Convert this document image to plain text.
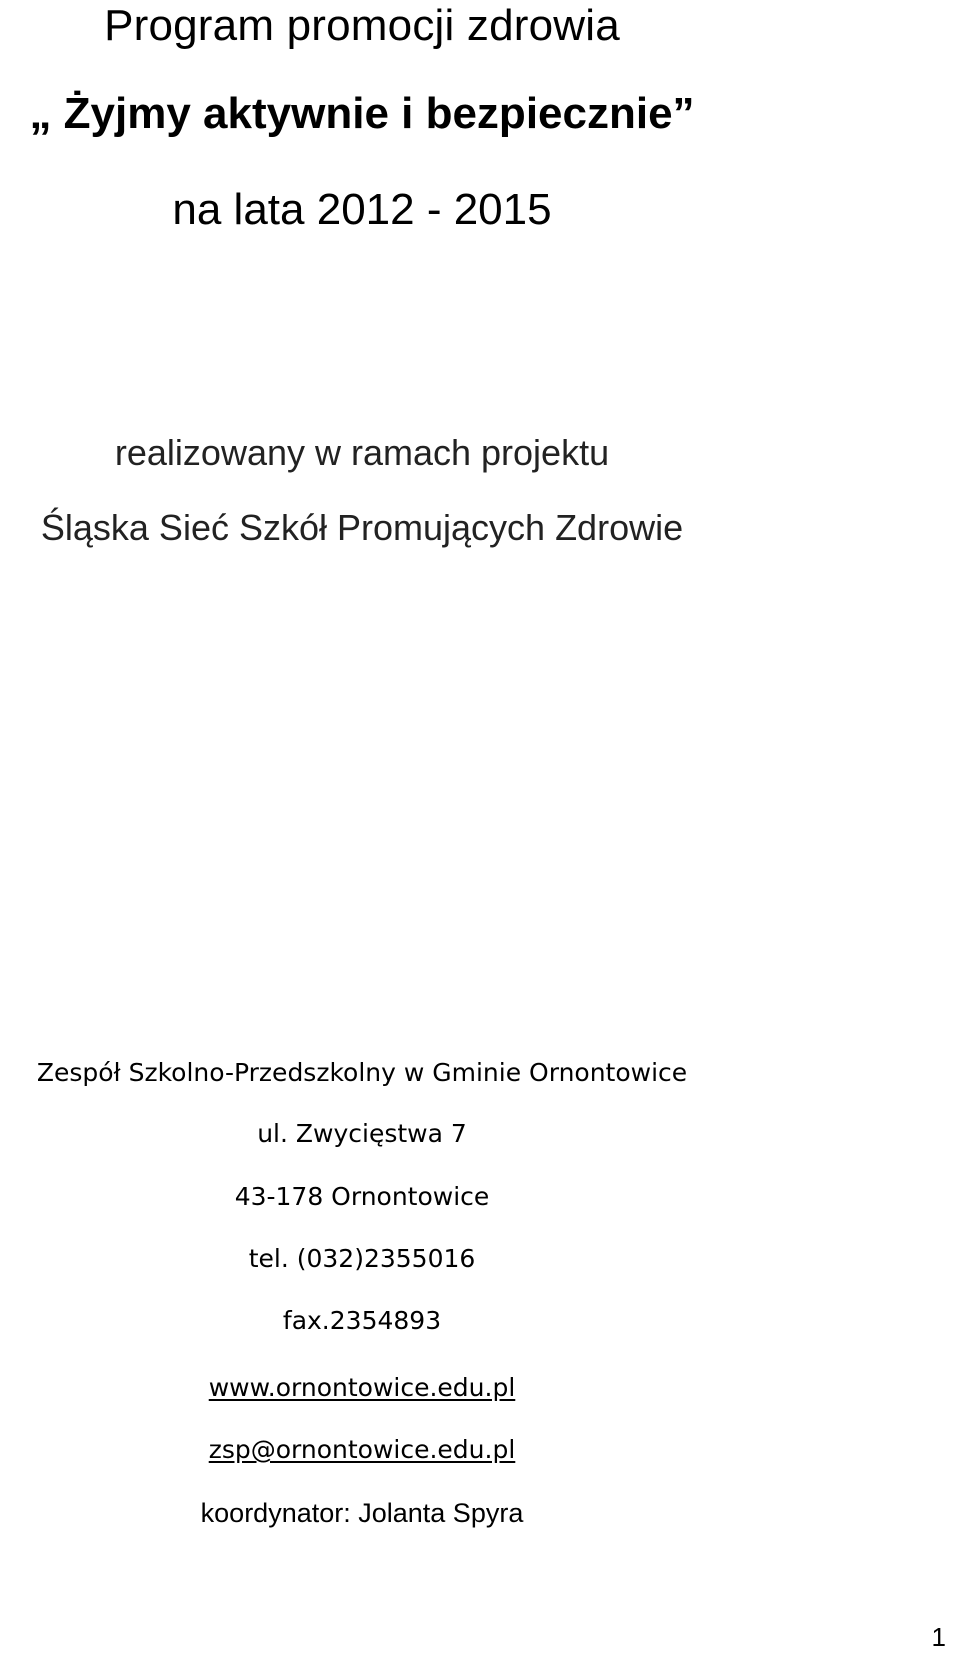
Program promocji zdrowia
„ Żyjmy aktywnie i bezpiecznie”
na lata 2012 - 2015
realizowany w ramach projektu
Śląska Sieć Szkół Promujących Zdrowie
Zespół Szkolno-Przedszkolny w Gminie Ornontowice
ul. Zwycięstwa 7
43-178 Ornontowice
tel. (032)2355016
fax.2354893
www.ornontowice.edu.pl
zsp@ornontowice.edu.pl
koordynator: Jolanta Spyra
1
